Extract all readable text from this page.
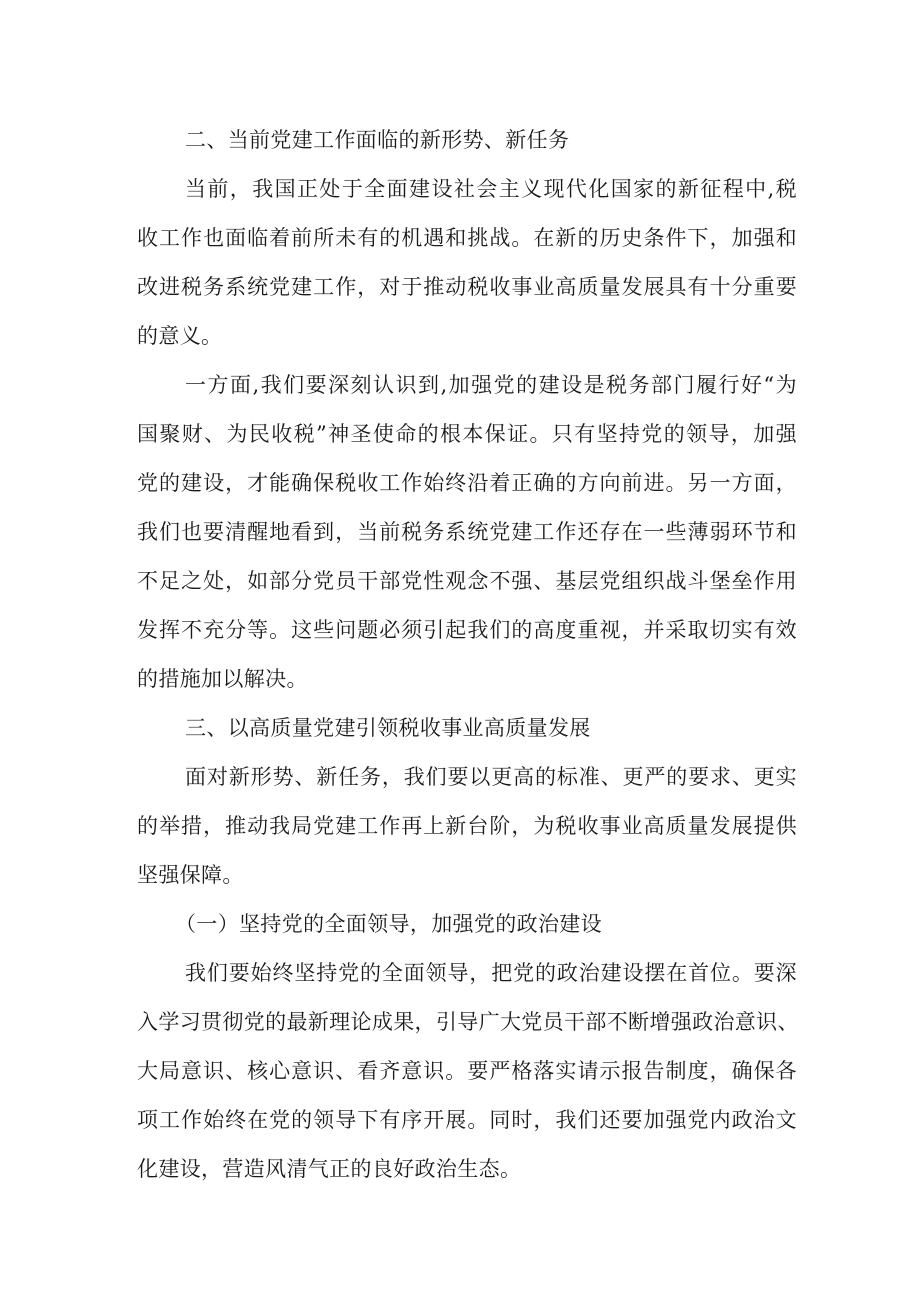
二、当前党建工作面临的新形势、新任务
当前，我国正处于全面建设社会主义现代化国家的新征程中,税
收工作也面临着前所未有的机遇和挑战。在新的历史条件下，加强和
改进税务系统党建工作，对于推动税收事业高质量发展具有十分重要
的意义。
一方面,我们要深刻认识到,加强党的建设是税务部门履行好“为
国聚财、为民收税”神圣使命的根本保证。只有坚持党的领导，加强
党的建设，才能确保税收工作始终沿着正确的方向前进。另一方面，
我们也要清醒地看到，当前税务系统党建工作还存在一些薄弱环节和
不足之处，如部分党员干部党性观念不强、基层党组织战斗堡垒作用
发挥不充分等。这些问题必须引起我们的高度重视，并采取切实有效
的措施加以解决。
三、以高质量党建引领税收事业高质量发展
面对新形势、新任务，我们要以更高的标准、更严的要求、更实
的举措，推动我局党建工作再上新台阶，为税收事业高质量发展提供
坚强保障。
（一）坚持党的全面领导，加强党的政治建设
我们要始终坚持党的全面领导，把党的政治建设摆在首位。要深
入学习贯彻党的最新理论成果，引导广大党员干部不断增强政治意识、
大局意识、核心意识、看齐意识。要严格落实请示报告制度，确保各
项工作始终在党的领导下有序开展。同时，我们还要加强党内政治文
化建设，营造风清气正的良好政治生态。
